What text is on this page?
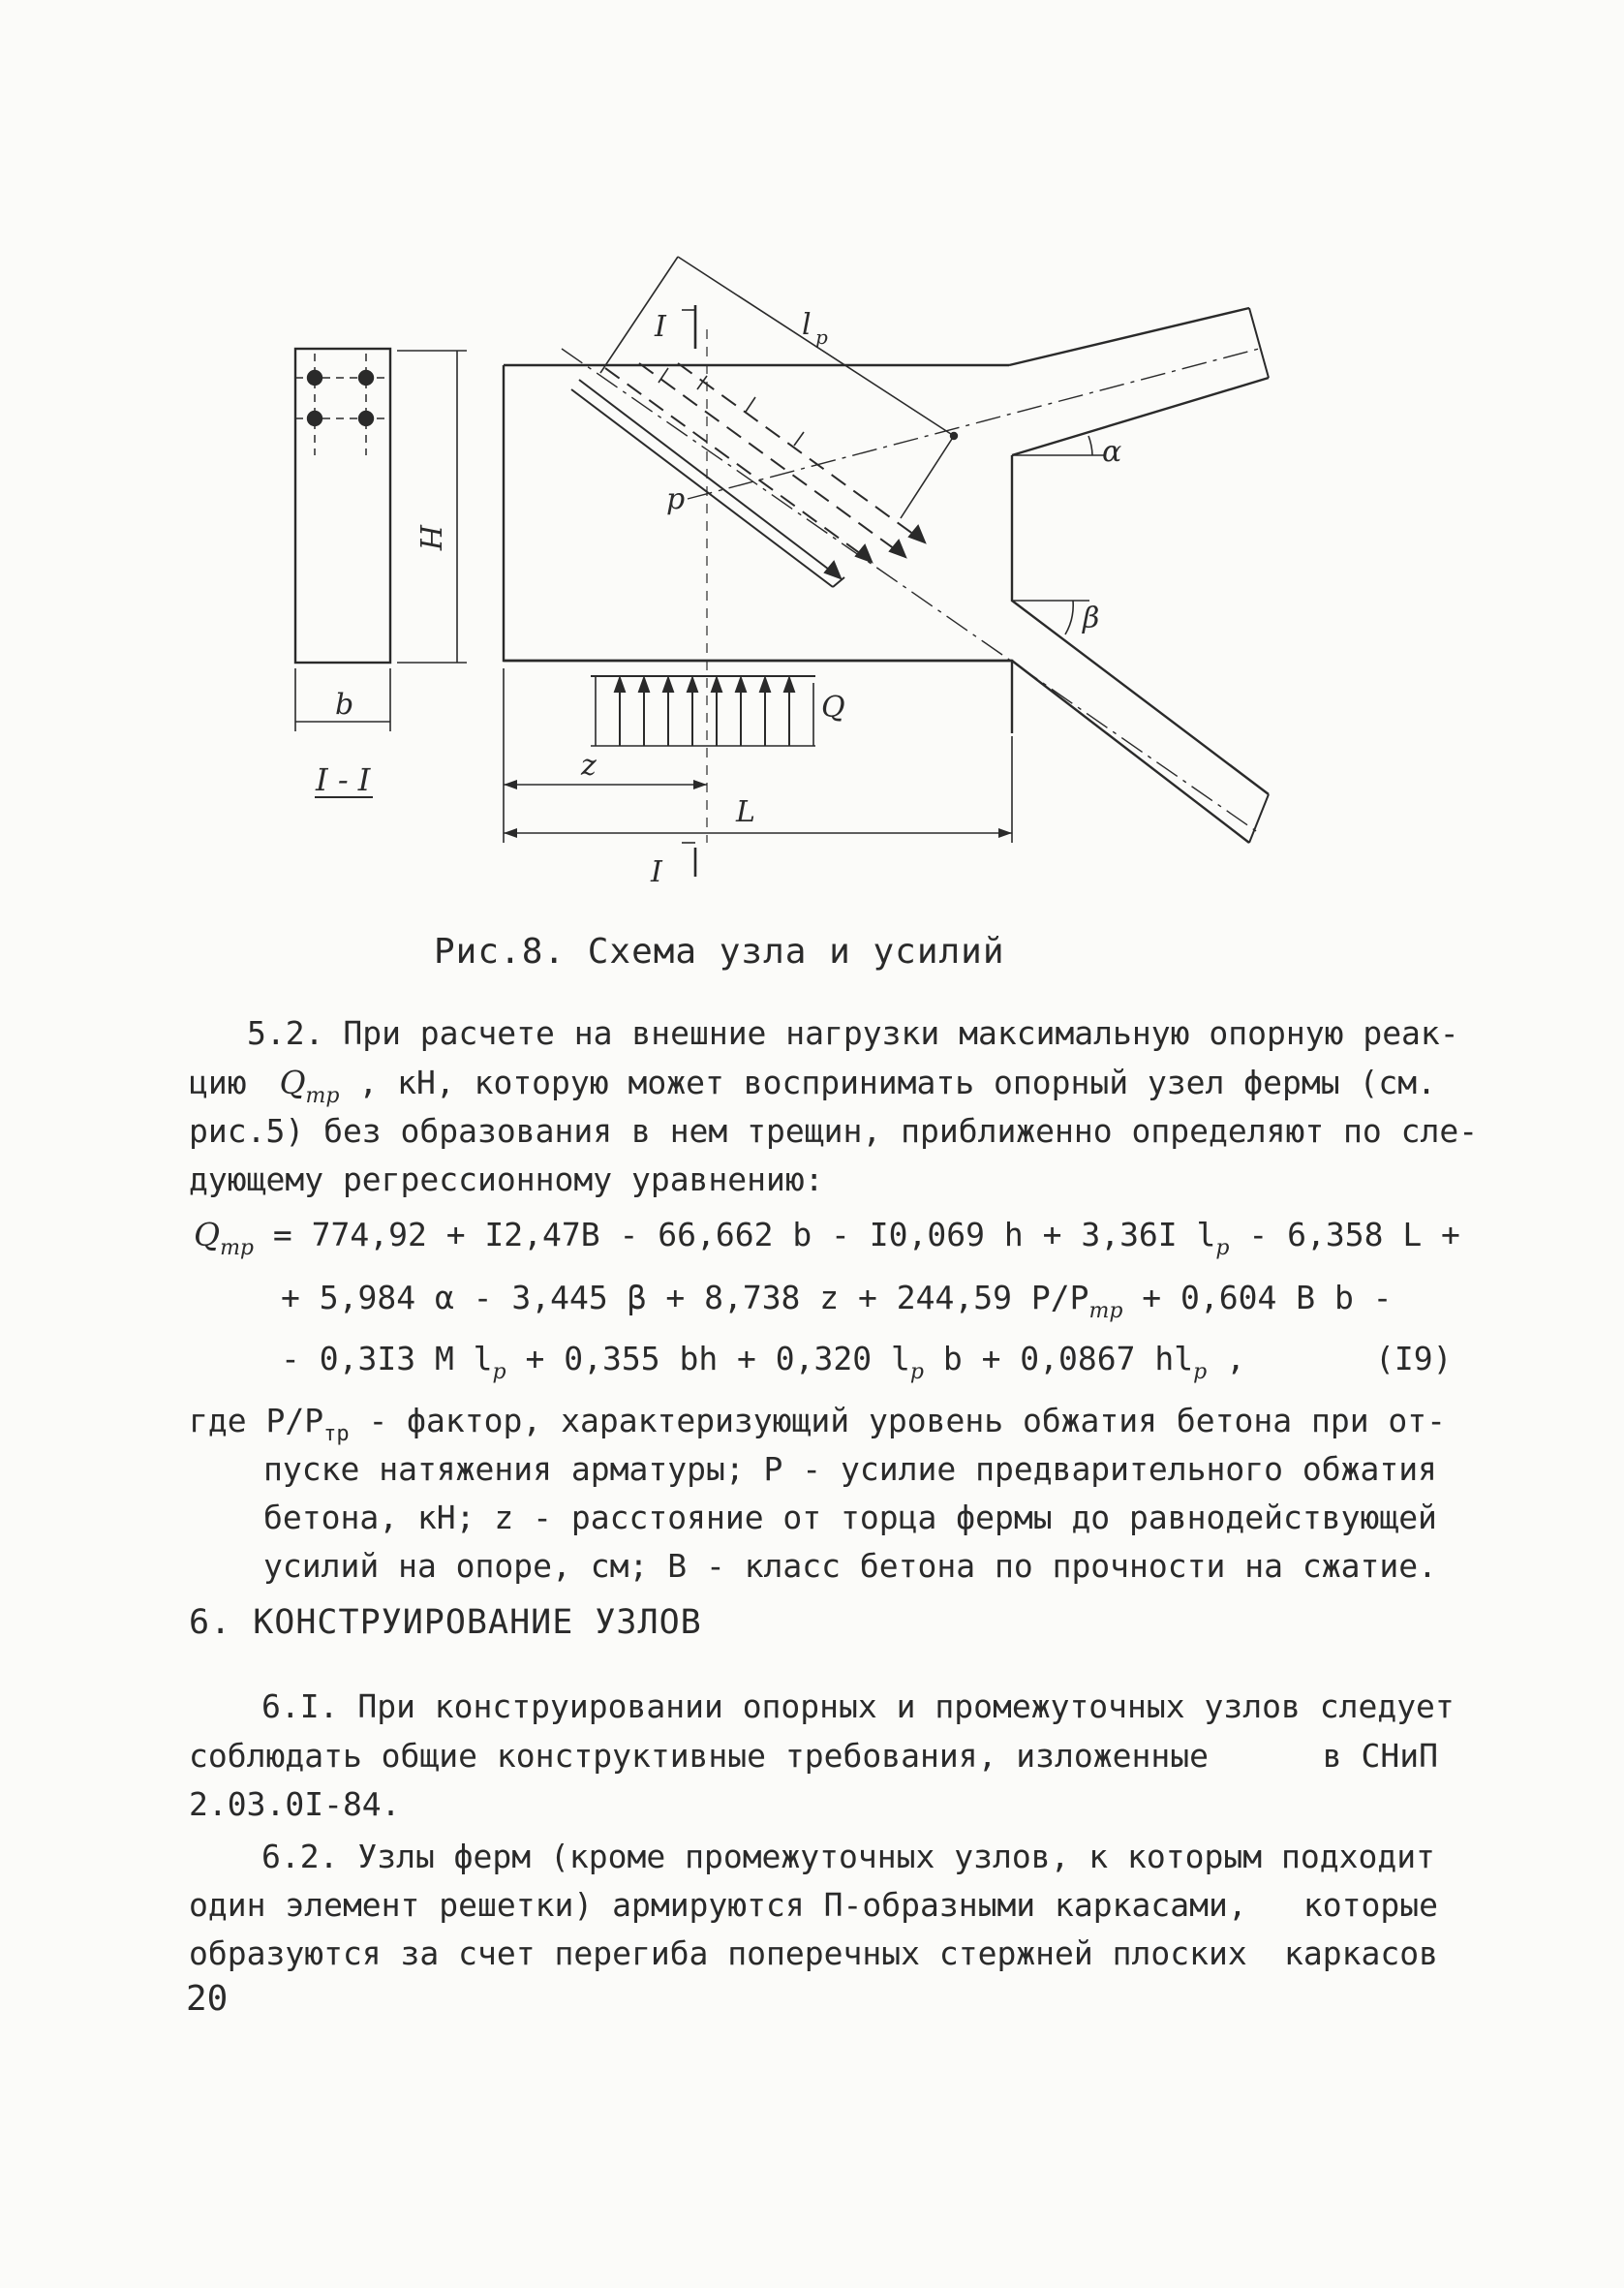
I
I
l p
p
α
β
H
b	Q
z
L
I - I
Рис.8. Схема узла и усилий
5.2. При расчете на внешние нагрузки максимальную опорную реак-
цию $Q_{тр}$ , кН, которую может воспринимать опорный узел фермы (см.
рис.5) без образования в нем трещин, приближенно определяют по сле-
дующему регрессионному уравнению:
$Q_{тр} = 774,92 + I2,47B - 66,662$ b - I0,069 h + 3,36I $l_p - 6,358$ L +
+ 5,984 α - 3,445 β + 8,738 z + 244,59 $P/P_{тр} + 0,604$ B b -
- 0,3I3 M $l_p + 0,355$ bh + 0,320 $l_p$ b + 0,0867 $hl_p$ ,	(I9)
где $P/P_{тр}$ - фактор, характеризующий уровень обжатия бетона при от-
пуске натяжения арматуры; Р - усилие предварительного обжатия
бетона, кН; z - расстояние от торца фермы до равнодействующей
усилий на опоре, см; B - класс бетона по прочности на сжатие.
6. КОНСТРУИРОВАНИЕ УЗЛОВ
6.I. При конструировании опорных и промежуточных узлов следует
соблюдать общие конструктивные требования, изложенные	в СНиП
2.03.0I-84.
6.2. Узлы ферм (кроме промежуточных узлов, к которым подходит
один элемент решетки) армируются П-образными каркасами, которые
образуются за счет перегиба поперечных стержней плоских каркасов
20
